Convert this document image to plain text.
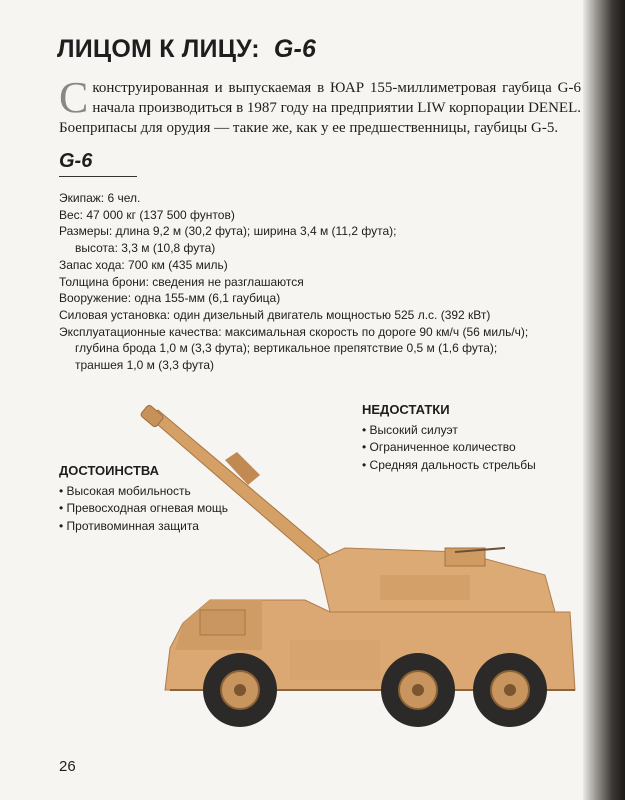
ЛИЦОМ К ЛИЦУ: G-6
Сконструированная и выпускаемая в ЮАР 155-миллиметровая гаубица G-6 начала производиться в 1987 году на предприятии LIW корпорации DENEL. Боеприпасы для орудия — такие же, как у ее предшественницы, гаубицы G-5.
G-6
Экипаж: 6 чел.
Вес: 47 000 кг (137 500 фунтов)
Размеры: длина 9,2 м (30,2 фута); ширина 3,4 м (11,2 фута);
высота: 3,3 м (10,8 фута)
Запас хода: 700 км (435 миль)
Толщина брони: сведения не разглашаются
Вооружение: одна 155-мм (6,1 гаубица)
Силовая установка: один дизельный двигатель мощностью 525 л.с. (392 кВт)
Эксплуатационные качества: максимальная скорость по дороге 90 км/ч (56 миль/ч);
глубина брода 1,0 м (3,3 фута); вертикальное препятствие 0,5 м (1,6 фута);
траншея 1,0 м (3,3 фута)
НЕДОСТАТКИ
• Высокий силуэт
• Ограниченное количество
• Средняя дальность стрельбы
ДОСТОИНСТВА
• Высокая мобильность
• Превосходная огневая мощь
• Противоминная защита
26
